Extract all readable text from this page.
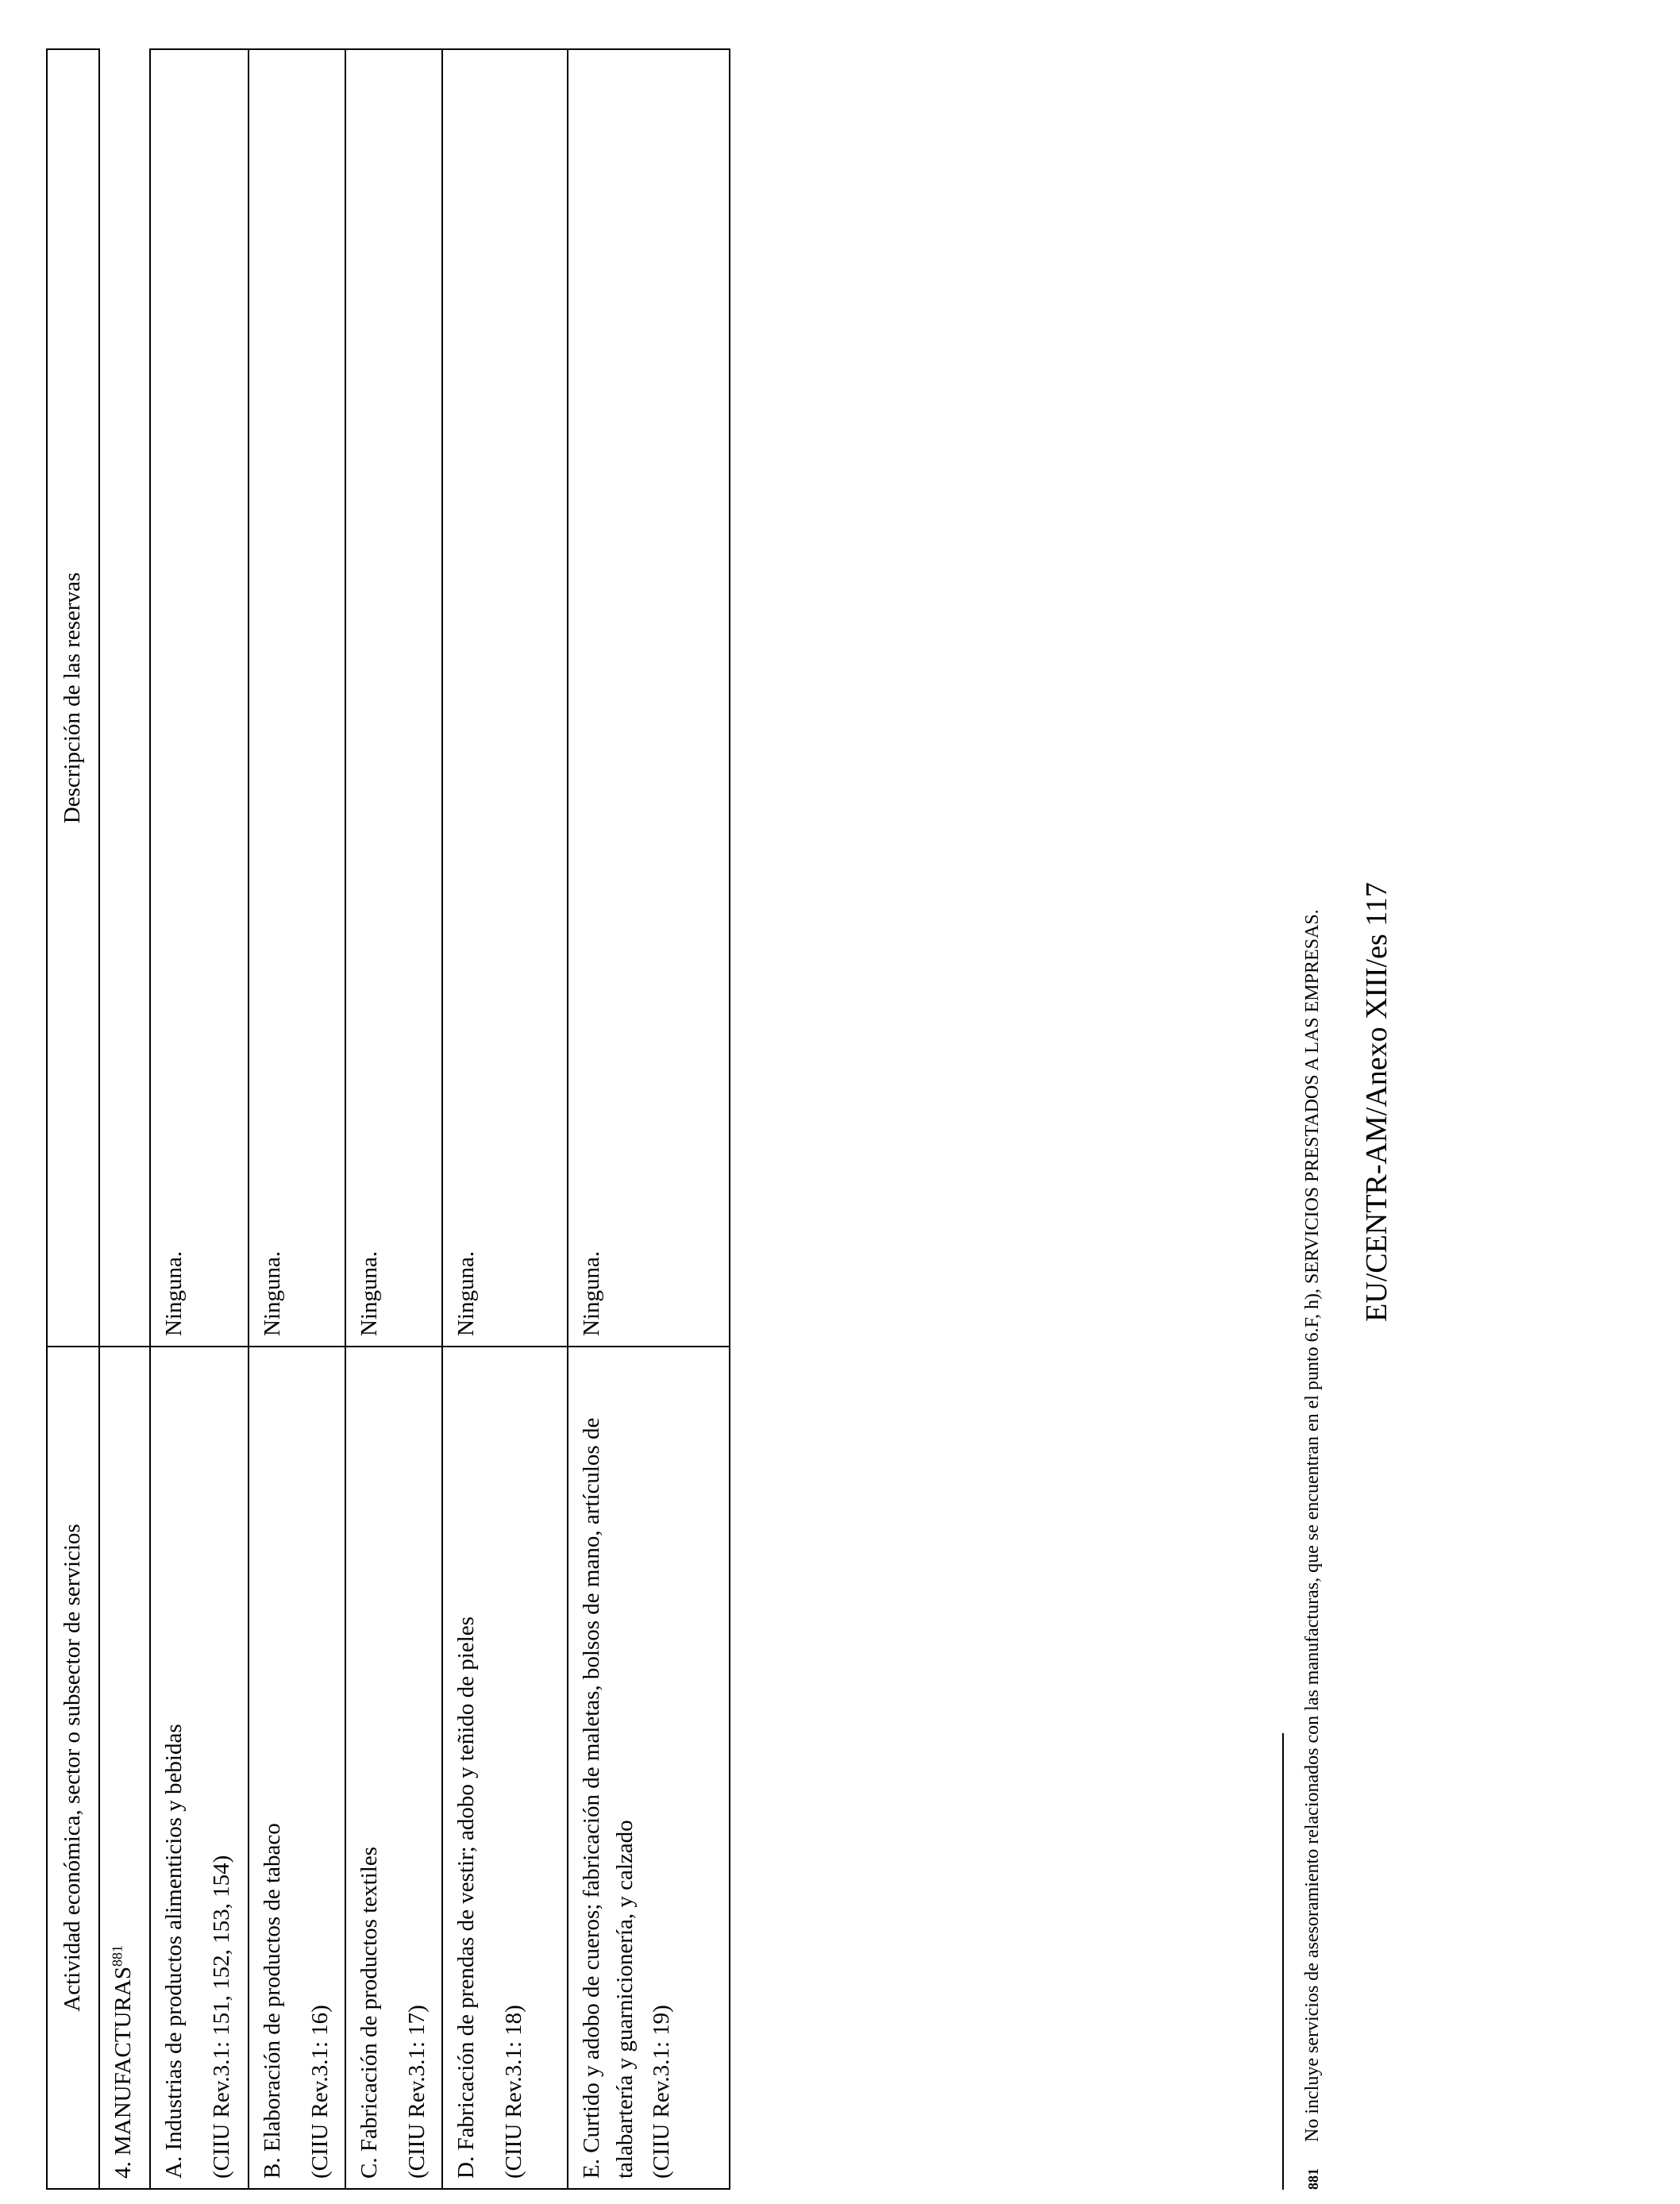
Actividad económica, sector o subsector de servicios	Descripción de las reservas
4. MANUFACTURAS$^{881}$	

A. Industrias de productos alimenticios y bebidas (CIIU Rev.3.1: 151, 152, 153, 154)	Ninguna.

B. Elaboración de productos de tabaco (CIIU Rev.3.1: 16)	Ninguna.

C. Fabricación de productos textiles (CIIU Rev.3.1: 17)	Ninguna.

D. Fabricación de prendas de vestir; adobo y teñido de pieles (CIIU Rev.3.1: 18)	Ninguna.

E. Curtido y adobo de cueros; fabricación de maletas, bolsos de mano, artículos de talabartería y guarnicionería, y calzado (CIIU Rev.3.1: 19)	Ninguna.
881
No incluye servicios de asesoramiento relacionados con las manufacturas, que se encuentran en el punto 6.F, h), SERVICIOS PRESTADOS A LAS EMPRESAS. EU/CENTR-AM/Anexo XIII/es 117
